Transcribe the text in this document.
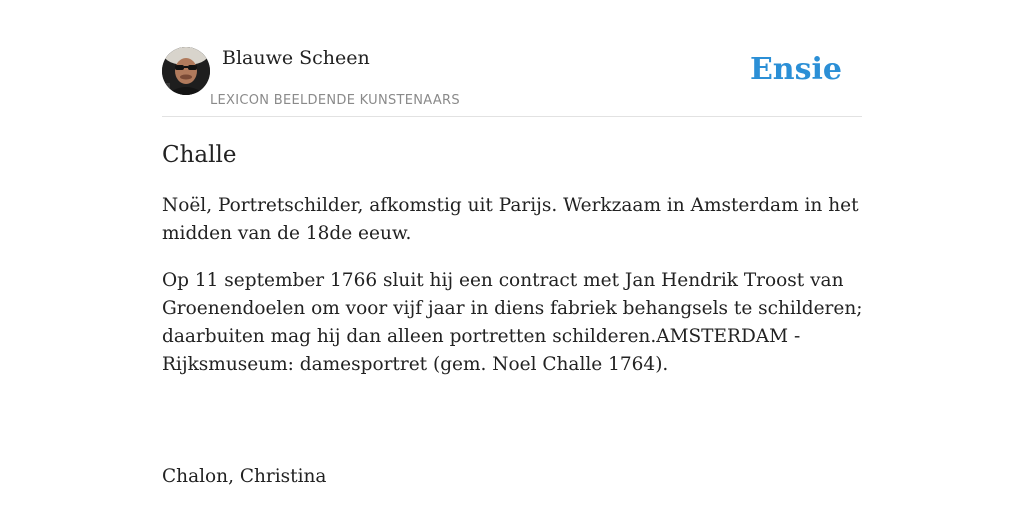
Blauwe Scheen
LEXICON BEELDENDE KUNSTENAARS
Ensie
Challe

Noël, Portretschilder, afkomstig uit Parijs. Werkzaam in Amsterdam in het midden van de 18de eeuw.

Op 11 september 1766 sluit hij een contract met Jan Hendrik Troost van Groenendoelen om voor vijf jaar in diens fabriek behangsels te schilderen; daarbuiten mag hij dan alleen portretten schilderen.AMSTERDAM -Rijksmuseum: damesportret (gem. Noel Challe 1764).

Chalon, Christina
